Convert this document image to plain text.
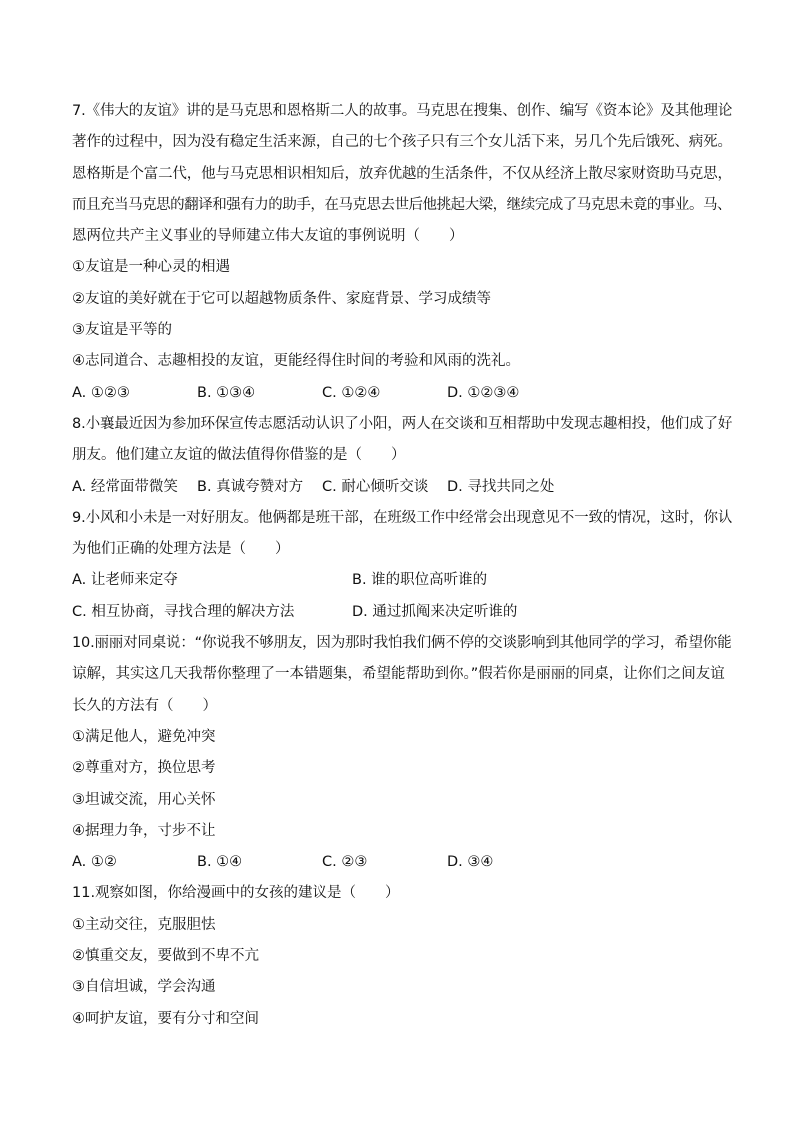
7.《伟大的友谊》讲的是马克思和恩格斯二人的故事。马克思在搜集、创作、编写《资本论》及其他理论
著作的过程中，因为没有稳定生活来源，自己的七个孩子只有三个女儿活下来，另几个先后饿死、病死。
恩格斯是个富二代，他与马克思相识相知后，放弃优越的生活条件，不仅从经济上散尽家财资助马克思，
而且充当马克思的翻译和强有力的助手，在马克思去世后他挑起大梁，继续完成了马克思未竟的事业。马、
恩两位共产主义事业的导师建立伟大友谊的事例说明（　　）
①友谊是一种心灵的相遇
②友谊的美好就在于它可以超越物质条件、家庭背景、学习成绩等
③友谊是平等的
④志同道合、志趣相投的友谊，更能经得住时间的考验和风雨的洗礼。
A. ①②③	B. ①③④	C. ①②④	D. ①②③④
8.小襄最近因为参加环保宣传志愿活动认识了小阳，两人在交谈和互相帮助中发现志趣相投，他们成了好
朋友。他们建立友谊的做法值得你借鉴的是（　　）
A. 经常面带微笑	B. 真诚夸赞对方	C. 耐心倾听交谈	D. 寻找共同之处
9.小风和小未是一对好朋友。他俩都是班干部，在班级工作中经常会出现意见不一致的情况，这时，你认
为他们正确的处理方法是（　　）
A. 让老师来定夺	B. 谁的职位高听谁的
C. 相互协商，寻找合理的解决方法	D. 通过抓阄来决定听谁的
10.丽丽对同桌说：“你说我不够朋友，因为那时我怕我们俩不停的交谈影响到其他同学的学习，希望你能
谅解，其实这几天我帮你整理了一本错题集，希望能帮助到你。”假若你是丽丽的同桌，让你们之间友谊
长久的方法有（　　）
①满足他人，避免冲突
②尊重对方，换位思考
③坦诚交流，用心关怀
④据理力争，寸步不让
A. ①②	B. ①④	C. ②③	D. ③④
11.观察如图，你给漫画中的女孩的建议是（　　）
①主动交往，克服胆怯
②慎重交友，要做到不卑不亢
③自信坦诚，学会沟通
④呵护友谊，要有分寸和空间
